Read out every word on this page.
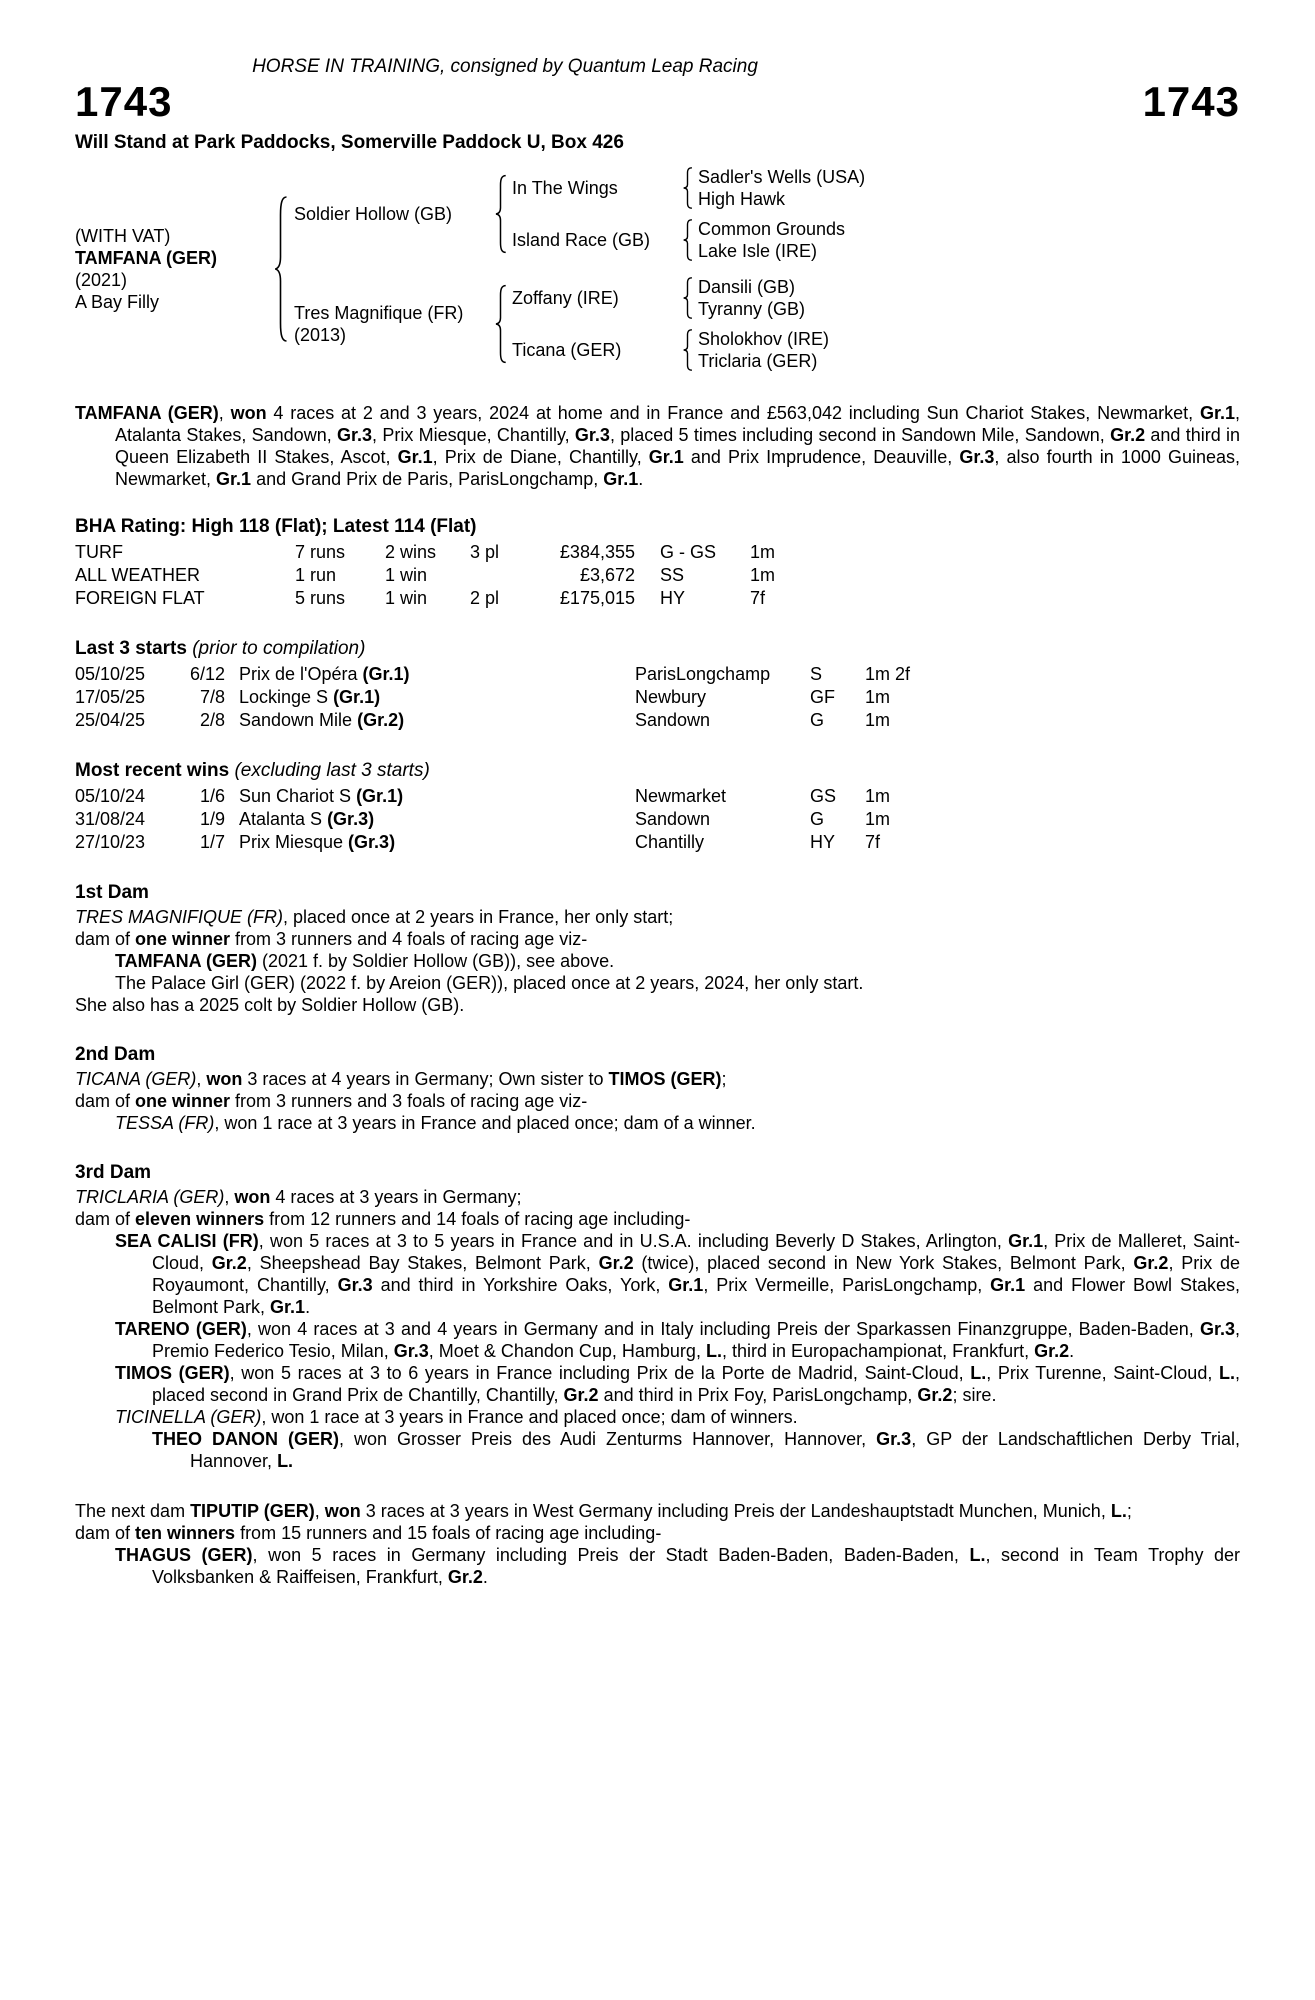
HORSE IN TRAINING, consigned by Quantum Leap Racing
1743	1743
Will Stand at Park Paddocks, Somerville Paddock U, Box 426
(WITH VAT)
TAMFANA (GER)
(2021)
A Bay Filly
Soldier Hollow (GB)
In The Wings
Sadler's Wells (USA)
High Hawk
Island Race (GB)
Common Grounds
Lake Isle (IRE)
Tres Magnifique (FR)
(2013)
Zoffany (IRE)
Dansili (GB)
Tyranny (GB)
Ticana (GER)
Sholokhov (IRE)
Triclaria (GER)

TAMFANA (GER), won 4 races at 2 and 3 years, 2024 at home and in France and £563,042 including Sun Chariot Stakes, Newmarket, Gr.1, Atalanta Stakes, Sandown, Gr.3, Prix Miesque, Chantilly, Gr.3, placed 5 times including second in Sandown Mile, Sandown, Gr.2 and third in Queen Elizabeth II Stakes, Ascot, Gr.1, Prix de Diane, Chantilly, Gr.1 and Prix Imprudence, Deauville, Gr.3, also fourth in 1000 Guineas, Newmarket, Gr.1 and Grand Prix de Paris, ParisLongchamp, Gr.1.

BHA Rating: High 118 (Flat); Latest 114 (Flat)
TURF	7 runs	2 wins	3 pl	£384,355 G - GS	1m
ALL WEATHER	1 run	1 win	£3,672 SS	1m
FOREIGN FLAT	5 runs	1 win	2 pl	£175,015 HY	7f
Last 3 starts (prior to compilation)
05/10/25	6/12 Prix de l'Opéra (Gr.1)	ParisLongchamp	S	1m 2f
17/05/25	7/8 Lockinge S (Gr.1)	Newbury	GF	1m
25/04/25	2/8 Sandown Mile (Gr.2)	Sandown	G	1m
Most recent wins (excluding last 3 starts)
05/10/24	1/6 Sun Chariot S (Gr.1)	Newmarket	GS	1m
31/08/24	1/9 Atalanta S (Gr.3)	Sandown	G	1m
27/10/23	1/7 Prix Miesque (Gr.3)	Chantilly	HY	7f
1st Dam

TRES MAGNIFIQUE (FR), placed once at 2 years in France, her only start;

dam of one winner from 3 runners and 4 foals of racing age viz-

TAMFANA (GER) (2021 f. by Soldier Hollow (GB)), see above.

The Palace Girl (GER) (2022 f. by Areion (GER)), placed once at 2 years, 2024, her only start.

She also has a 2025 colt by Soldier Hollow (GB).

2nd Dam

TICANA (GER), won 3 races at 4 years in Germany; Own sister to TIMOS (GER);

dam of one winner from 3 runners and 3 foals of racing age viz-

TESSA (FR), won 1 race at 3 years in France and placed once; dam of a winner.

3rd Dam

TRICLARIA (GER), won 4 races at 3 years in Germany;

dam of eleven winners from 12 runners and 14 foals of racing age including-

SEA CALISI (FR), won 5 races at 3 to 5 years in France and in U.S.A. including Beverly D Stakes, Arlington, Gr.1, Prix de Malleret, Saint-Cloud, Gr.2, Sheepshead Bay Stakes, Belmont Park, Gr.2 (twice), placed second in New York Stakes, Belmont Park, Gr.2, Prix de Royaumont, Chantilly, Gr.3 and third in Yorkshire Oaks, York, Gr.1, Prix Vermeille, ParisLongchamp, Gr.1 and Flower Bowl Stakes, Belmont Park, Gr.1.

TARENO (GER), won 4 races at 3 and 4 years in Germany and in Italy including Preis der Sparkassen Finanzgruppe, Baden-Baden, Gr.3, Premio Federico Tesio, Milan, Gr.3, Moet & Chandon Cup, Hamburg, L., third in Europachampionat, Frankfurt, Gr.2.

TIMOS (GER), won 5 races at 3 to 6 years in France including Prix de la Porte de Madrid, Saint-Cloud, L., Prix Turenne, Saint-Cloud, L., placed second in Grand Prix de Chantilly, Chantilly, Gr.2 and third in Prix Foy, ParisLongchamp, Gr.2; sire.

TICINELLA (GER), won 1 race at 3 years in France and placed once; dam of winners.

THEO DANON (GER), won Grosser Preis des Audi Zenturms Hannover, Hannover, Gr.3, GP der Landschaftlichen Derby Trial, Hannover, L.

The next dam TIPUTIP (GER), won 3 races at 3 years in West Germany including Preis der Landeshauptstadt Munchen, Munich, L.;

dam of ten winners from 15 runners and 15 foals of racing age including-

THAGUS (GER), won 5 races in Germany including Preis der Stadt Baden-Baden, Baden-Baden, L., second in Team Trophy der Volksbanken & Raiffeisen, Frankfurt, Gr.2.
